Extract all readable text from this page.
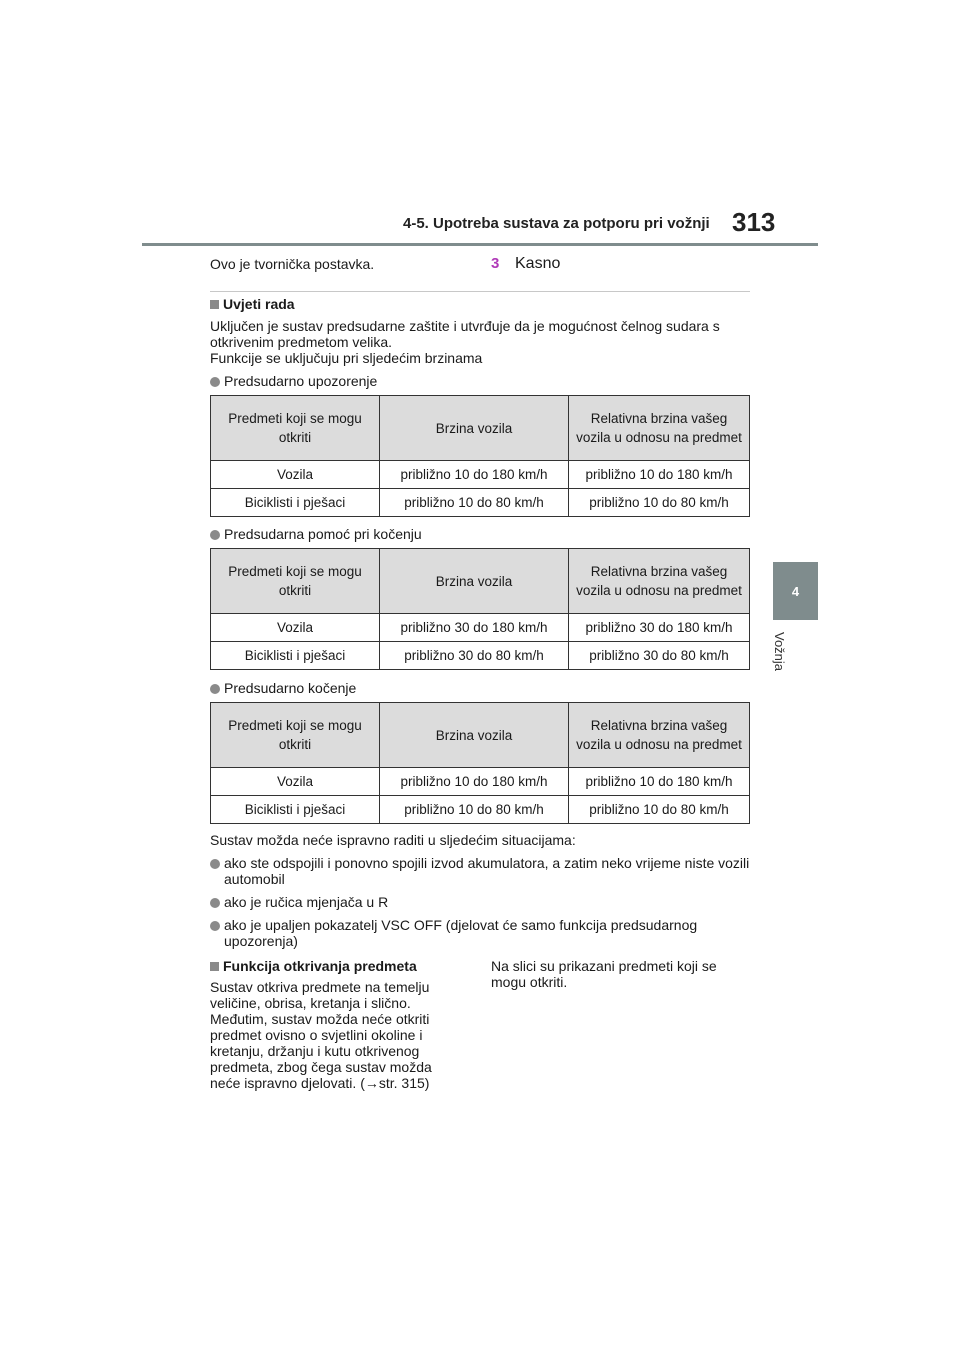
4-5. Upotreba sustava za potporu pri vožnji 313
4
Vožnja
Ovo je tvornička postavka.	3 Kasno
Uvjeti rada
Uključen je sustav predsudarne zaštite i utvrđuje da je mogućnost čelnog sudara s
otkrivenim predmetom velika.
Funkcije se uključuju pri sljedećim brzinama
Predsudarno upozorenje
Predmeti koji se mogu otkriti	Brzina vozila	Relativna brzina vašeg vozila u odnosu na predmet
Vozila	približno 10 do 180 km/h	približno 10 do 180 km/h
Biciklisti i pješaci	približno 10 do 80 km/h	približno 10 do 80 km/h
Predsudarna pomoć pri kočenju
Predmeti koji se mogu otkriti	Brzina vozila	Relativna brzina vašeg vozila u odnosu na predmet
Vozila	približno 30 do 180 km/h	približno 30 do 180 km/h
Biciklisti i pješaci	približno 30 do 80 km/h	približno 30 do 80 km/h
Predsudarno kočenje
Predmeti koji se mogu otkriti	Brzina vozila	Relativna brzina vašeg vozila u odnosu na predmet
Vozila	približno 10 do 180 km/h	približno 10 do 180 km/h
Biciklisti i pješaci	približno 10 do 80 km/h	približno 10 do 80 km/h
Sustav možda neće ispravno raditi u sljedećim situacijama:
ako ste odspojili i ponovno spojili izvod akumulatora, a zatim neko vrijeme niste vozili automobil
ako je ručica mjenjača u R
ako je upaljen pokazatelj VSC OFF (djelovat će samo funkcija predsudarnog upozorenja)
Funkcija otkrivanja predmeta
Sustav otkriva predmete na temelju veličine, obrisa, kretanja i slično. Međutim, sustav možda neće otkriti predmet ovisno o svjetlini okoline i kretanju, držanju i kutu otkrivenog predmeta, zbog čega sustav možda neće ispravno djelovati. (→str. 315)
Na slici su prikazani predmeti koji se mogu otkriti.
